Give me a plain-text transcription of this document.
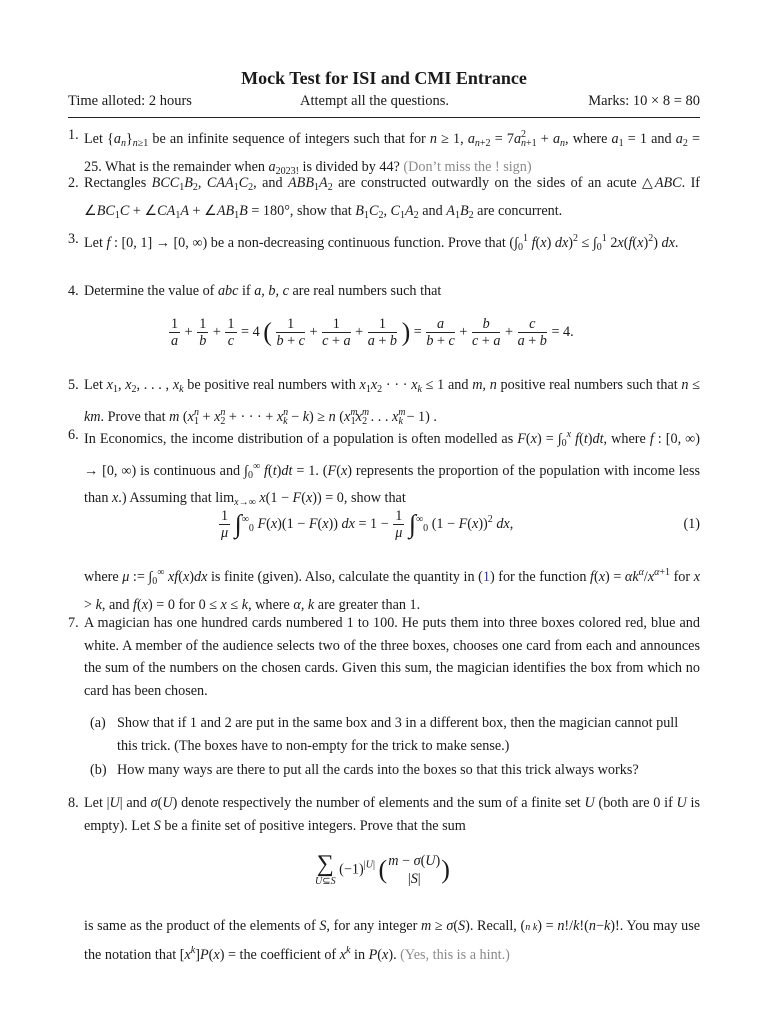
Mock Test for ISI and CMI Entrance
Time alloted: 2 hours	Attempt all the questions.	Marks: 10 × 8 = 80
1. Let $\{a_n\}_{n\ge 1}$ be an infinite sequence of integers such that for n ≥ 1, $a_{n+2} = 7a^2_{n+1} + a_n$, where $a_1 = 1$ and $a_2 = 25$. What is the remainder when $a_{2023!}$ is divided by 44? (Don’t miss the ! sign)
2. Rectangles $BCC_1B_2$, $CAA_1C_2$, and $ABB_1A_2$ are constructed outwardly on the sides of an acute △ABC. If $\angle BC_1C$ + $\angle CA_1A$ + $\angle AB_1B = 180^\circ$, show that $B_1C_2$, $C_1A_2$ and $A_1B_2$ are concurrent.
3. Let f : [0, 1] → [0, ∞) be a non-decreasing continuous function. Prove that ($\int_0^1$ f(x) $dx)^2 \le \int_0^1$ $2x(f(x)^2)$ dx.
4. Determine the value of abc if a, b, c are real numbers such that
$\frac{1}{a} + \frac{1}{b} + \frac{1}{c} = 4$ ( $\frac{1}{b + c} + \frac{1}{c + a} + \frac{1}{a + b}$ ) = $\frac{a}{b + c} + \frac{b}{c + a} + \frac{c}{a + b} = 4$.
5. Let $x_1$, $x_2$, . . . , $x_k$ be positive real numbers with $x_1x_2$ · · · $x_k \le 1$ and m, n positive real numbers such that n ≤ km. Prove that m ($x^n_1 + x^n_2$ + · · · + $x^n_k - k) \ge n$ ($x^m_1x^m_2$ . . . $x^m_k - 1$) .
6. In Economics, the income distribution of a population is often modelled as $F(x) = \int_0^x$ f(t)dt, where f : [0, ∞) → [0, ∞) is continuous and $\int_0^\infty$ f(t)dt = 1. (F(x) represents the proportion of the population with income less than x.) Assuming that $\lim_{x\to\infty} x(1 - F(x)) = 0$, show that
$\frac{1}{\mu} \int^\infty_0$ F(x)(1 − F(x)) dx = $1 - \frac{1}{\mu} \int^\infty_0$ $(1 - F(x))^2$ dx,	(1)
where μ := $\int_0^\infty$ xf(x)dx is finite (given). Also, calculate the quantity in (1) for the function $f(x) = \alpha k^\alpha/x^{\alpha+1}$ for x > k, and f(x) = 0 for 0 ≤ x ≤ k, where α, k are greater than 1.
7. A magician has one hundred cards numbered 1 to 100. He puts them into three boxes colored red, blue and white. A member of the audience selects two of the three boxes, chooses one card from each and announces the sum of the numbers on the chosen cards. Given this sum, the magician identifies the box from which no card has been chosen.
(a) Show that if 1 and 2 are put in the same box and 3 in a different box, then the magician cannot pull this trick. (The boxes have to non-empty for the trick to make sense.)
(b) How many ways are there to put all the cards into the boxes so that this trick always works?
8. Let |U| and σ(U) denote respectively the number of elements and the sum of a finite set U (both are 0 if U is empty). Let S be a finite set of positive integers. Prove that the sum
∑
U⊆S
$(-1)^{|U|}$ ( m − σ(U)
|S| )
is same as the product of the elements of S, for any integer m ≥ σ(S). Recall, (n k) = n!/k!(n−k)!. You may use the notation that $[x^k]P(x)$ = the coefficient of $x^k$ in P(x). (Yes, this is a hint.)
